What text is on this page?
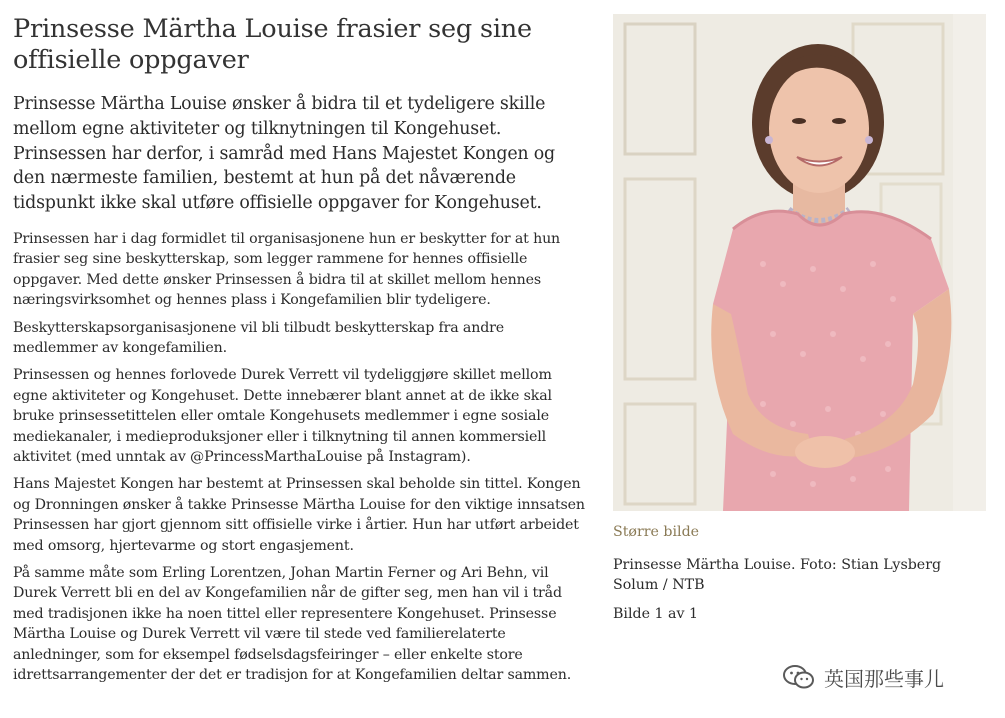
Prinsesse Märtha Louise frasier seg sine offisielle oppgaver

Prinsesse Märtha Louise ønsker å bidra til et tydeligere skille mellom egne aktiviteter og tilknytningen til Kongehuset. Prinsessen har derfor, i samråd med Hans Majestet Kongen og den nærmeste familien, bestemt at hun på det nåværende tidspunkt ikke skal utføre offisielle oppgaver for Kongehuset.

Prinsessen har i dag formidlet til organisasjonene hun er beskytter for at hun frasier seg sine beskytterskap, som legger rammene for hennes offisielle oppgaver. Med dette ønsker Prinsessen å bidra til at skillet mellom hennes næringsvirksomhet og hennes plass i Kongefamilien blir tydeligere.

Beskytterskapsorganisasjonene vil bli tilbudt beskytterskap fra andre medlemmer av kongefamilien.

Prinsessen og hennes forlovede Durek Verrett vil tydeliggjøre skillet mellom egne aktiviteter og Kongehuset. Dette innebærer blant annet at de ikke skal bruke prinsessetittelen eller omtale Kongehusets medlemmer i egne sosiale mediekanaler, i medieproduksjoner eller i tilknytning til annen kommersiell aktivitet (med unntak av @PrincessMarthaLouise på Instagram).

Hans Majestet Kongen har bestemt at Prinsessen skal beholde sin tittel. Kongen og Dronningen ønsker å takke Prinsesse Märtha Louise for den viktige innsatsen Prinsessen har gjort gjennom sitt offisielle virke i årtier. Hun har utført arbeidet med omsorg, hjertevarme og stort engasjement.

På samme måte som Erling Lorentzen, Johan Martin Ferner og Ari Behn, vil Durek Verrett bli en del av Kongefamilien når de gifter seg, men han vil i tråd med tradisjonen ikke ha noen tittel eller representere Kongehuset. Prinsesse Märtha Louise og Durek Verrett vil være til stede ved familierelaterte anledninger, som for eksempel fødselsdagsfeiringer – eller enkelte store idrettsarrangementer der det er tradisjon for at Kongefamilien deltar sammen.

Større bilde

Prinsesse Märtha Louise. Foto: Stian Lysberg Solum / NTB

Bilde 1 av 1

英国那些事儿
